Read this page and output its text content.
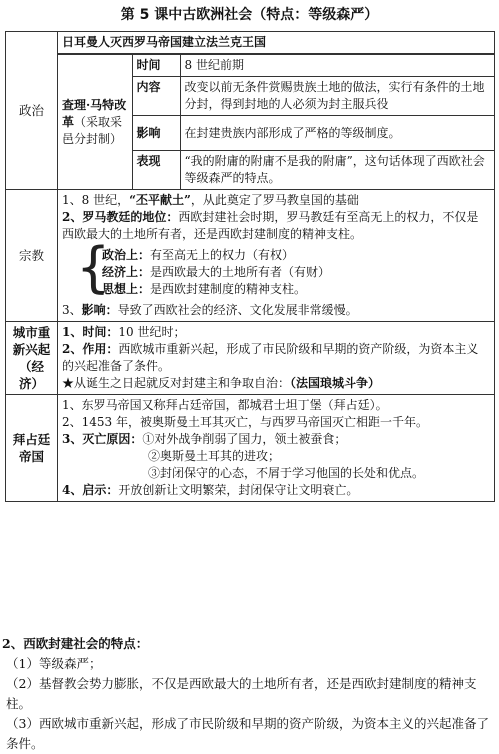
第 5 课中古欧洲社会（特点：等级森严）
政治	
日耳曼人灭西罗马帝国建立法兰克王国
查理·马特改革（采取采邑分封制）	时间	8 世纪前期
内容	改变以前无条件赏赐贵族土地的做法，实行有条件的土地分封，得到封地的人必须为封主服兵役
影响	在封建贵族内部形成了严格的等级制度。
表现	“我的附庸的附庸不是我的附庸”，这句话体现了西欧社会等级森严的特点。

宗教	
1、8 世纪，“丕平献土”，从此奠定了罗马教皇国的基础
2、罗马教廷的地位：西欧封建社会时期，罗马教廷有至高无上的权力，不仅是西欧最大的土地所有者，还是西欧封建制度的精神支柱。
{
政治上：有至高无上的权力（有权）
经济上：是西欧最大的土地所有者（有财）
思想上：是西欧封建制度的精神支柱。
3、影响：导致了西欧社会的经济、文化发展非常缓慢。

城市重新兴起（经济）	
1、时间：10 世纪时；
2、作用：西欧城市重新兴起，形成了市民阶级和早期的资产阶级，为资本主义的兴起准备了条件。
★从诞生之日起就反对封建主和争取自治：（法国琅城斗争）

拜占廷帝国	
1、东罗马帝国又称拜占廷帝国，都城君士坦丁堡（拜占廷）。
2、1453 年，被奥斯曼土耳其灭亡，与西罗马帝国灭亡相距一千年。
3、灭亡原因：①对外战争削弱了国力，领土被蚕食；
②奥斯曼土耳其的进攻；
③封闭保守的心态，不屑于学习他国的长处和优点。
4、启示：开放创新让文明繁荣，封闭保守让文明衰亡。
2、西欧封建社会的特点：
（1）等级森严；
（2）基督教会势力膨胀，不仅是西欧最大的土地所有者，还是西欧封建制度的精神支柱。
（3）西欧城市重新兴起，形成了市民阶级和早期的资产阶级，为资本主义的兴起准备了条件。
